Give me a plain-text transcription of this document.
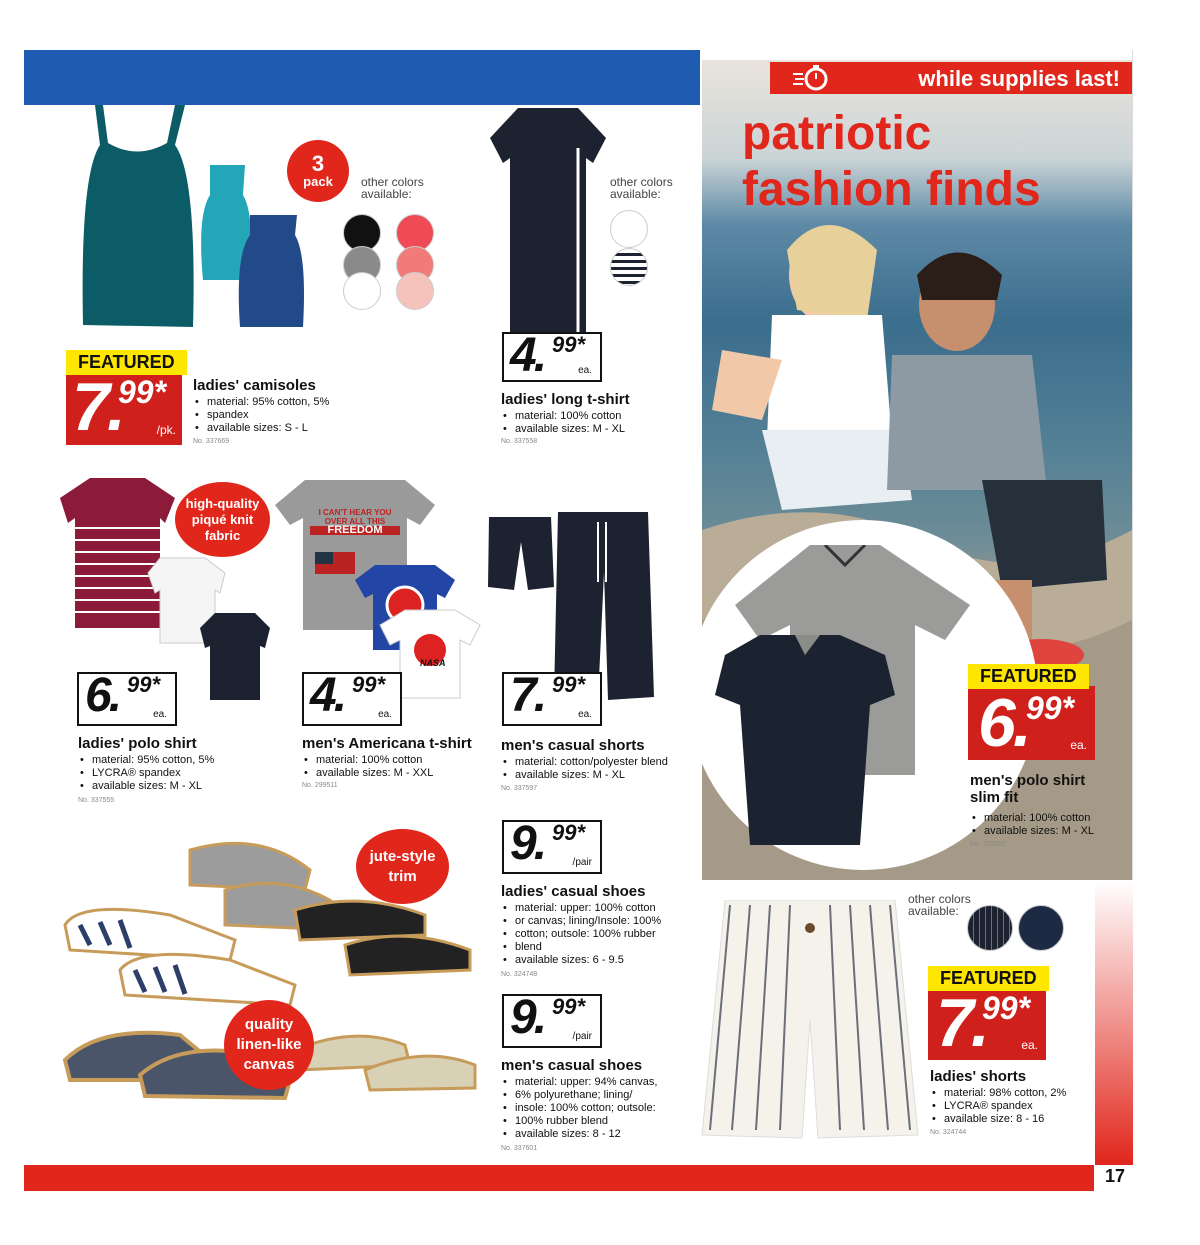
while supplies last!
patriotic
fashion finds
FEATURED
6.
99*
ea.
men's polo shirt
slim fit
• material: 100% cotton
• available sizes: M - XL
No. 325282
3
pack other colors
available:
FEATURED
7.
99*
/pk.
ladies' camisoles
• material: 95% cotton, 5%
• spandex
• available sizes: S - L
No. 337669
other colors
available:
4. 99*
ea.
ladies' long t-shirt
• material: 100% cotton
• available sizes: M - XL
No. 337558
high-quality
piqué knit
fabric
6. 99*
ea.
ladies' polo shirt
• material: 95% cotton, 5%
• LYCRA® spandex
• available sizes: M - XL
No. 337555
I CAN'T HEAR YOU
OVER ALL THIS
FREEDOM
NASA
4. 99*
ea.
men's Americana t-shirt
• material: 100% cotton
• available sizes: M - XXL
No. 299511
7. 99*
ea.
men's casual shorts
• material: cotton/polyester blend
• available sizes: M - XL
No. 337597
jute-style
trim
quality
linen-like
canvas
9. 99*
/pair
ladies' casual shoes
• material: upper: 100% cotton
• or canvas; lining/Insole: 100%
• cotton; outsole: 100% rubber
• blend
• available sizes: 6 - 9.5
No. 324748
9. 99*
/pair
men's casual shoes
• material: upper: 94% canvas,
• 6% polyurethane; lining/
• insole: 100% cotton; outsole:
• 100% rubber blend
• available sizes: 8 - 12
No. 337601
other colors
available:
FEATURED
7.
99*
ea.
ladies' shorts
• material: 98% cotton, 2%
• LYCRA® spandex
• available size: 8 - 16
No. 324744
17
